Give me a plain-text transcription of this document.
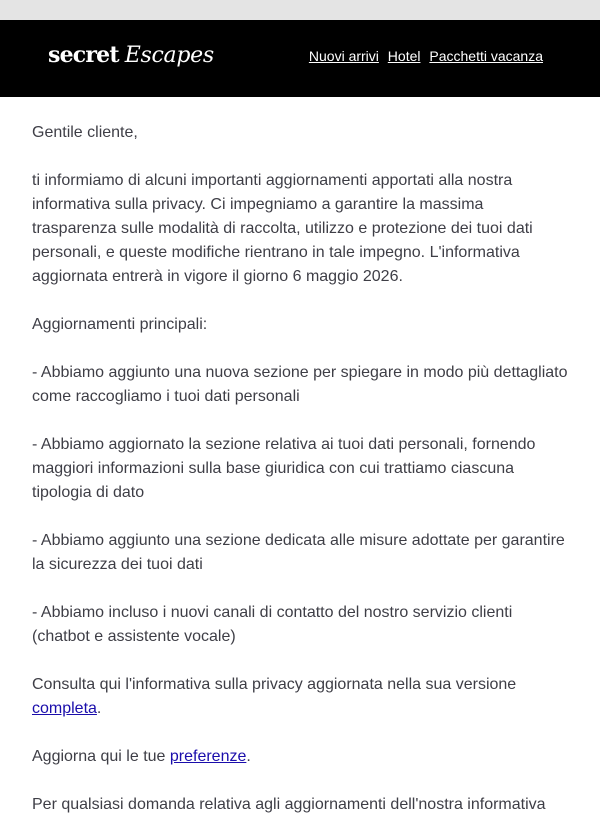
secret Escapes	Nuovi arrivi Hotel Pacchetti vacanza

Gentile cliente,

ti informiamo di alcuni importanti aggiornamenti apportati alla nostra informativa sulla privacy. Ci impegniamo a garantire la massima trasparenza sulle modalità di raccolta, utilizzo e protezione dei tuoi dati personali, e queste modifiche rientrano in tale impegno. L'informativa aggiornata entrerà in vigore il giorno 6 maggio 2026.

Aggiornamenti principali:

- Abbiamo aggiunto una nuova sezione per spiegare in modo più dettagliato come raccogliamo i tuoi dati personali

- Abbiamo aggiornato la sezione relativa ai tuoi dati personali, fornendo maggiori informazioni sulla base giuridica con cui trattiamo ciascuna tipologia di dato

- Abbiamo aggiunto una sezione dedicata alle misure adottate per garantire la sicurezza dei tuoi dati

- Abbiamo incluso i nuovi canali di contatto del nostro servizio clienti (chatbot e assistente vocale)

Consulta qui l'informativa sulla privacy aggiornata nella sua versione completa.

Aggiorna qui le tue preferenze.

Per qualsiasi domanda relativa agli aggiornamenti dell'nostra informativa
